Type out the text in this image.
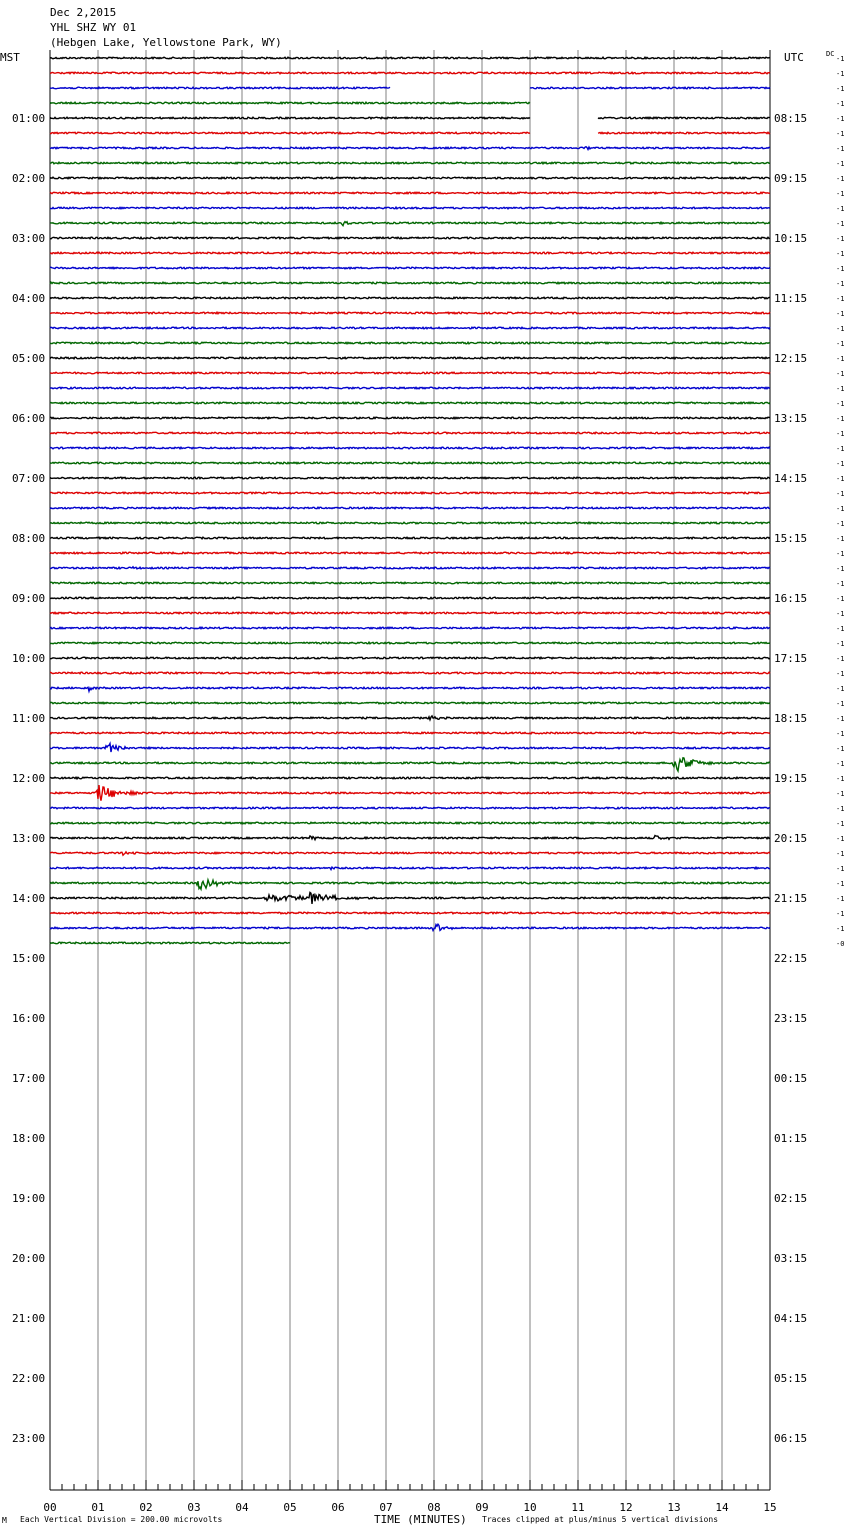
Dec 2,2015
YHL SHZ WY 01
(Hebgen Lake, Yellowstone Park, WY)
MST	UTC	DC
01:00	08:15
02:00	09:15
03:00	10:15
04:00	11:15
05:00	12:15
06:00	13:15
07:00	14:15
08:00	15:15
09:00	16:15
10:00	17:15
11:00	18:15
12:00	19:15
13:00	20:15
14:00	21:15
15:00	22:15
16:00	23:15
17:00	00:15
18:00	01:15
19:00	02:15
20:00	03:15
21:00	04:15
22:00	05:15
23:00	06:15
-1
-1
-1
-1
-1
-1
-1
-1
-1
-1
-1
-1
-1
-1
-1
-1
-1
-1
-1
-1
-1
-1
-1
-1
-1
-1
-1
-1
-1
-1
-1
-1
-1
-1
-1
-1
-1
-1
-1
-1
-1
-1
-1
-1
-1
-1
-1
-1
-1
-1
-1
-1
-1
-1
-1
-1
-1
-1
-1
-0
00	01	02	03	04	05	06	07	08	09	10	11	12	13	14	15
M Each Vertical Division = 200.00 microvolts	TIME (MINUTES) Traces clipped at plus/minus 5 vertical divisions
